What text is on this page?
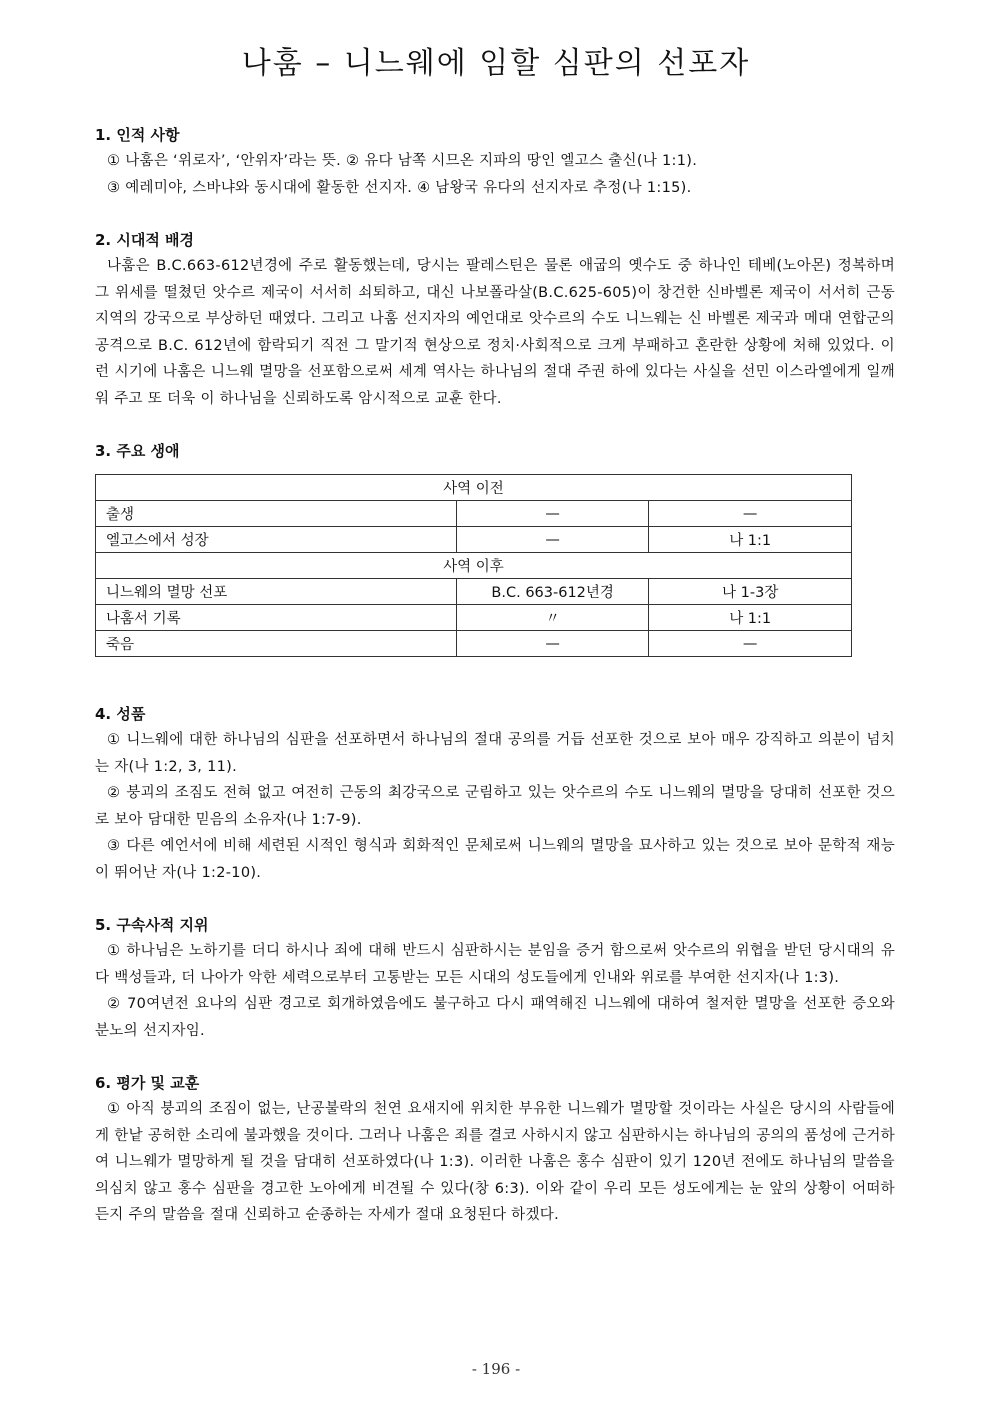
나훔 – 니느웨에 임할 심판의 선포자

1. 인적 사항

① 나훔은 ‘위로자’, ‘안위자’라는 뜻. ② 유다 남쪽 시므온 지파의 땅인 엘고스 출신(나 1:1).

③ 예레미야, 스바냐와 동시대에 활동한 선지자. ④ 남왕국 유다의 선지자로 추정(나 1:15).

2. 시대적 배경

나훔은 B.C.663-612년경에 주로 활동했는데, 당시는 팔레스틴은 물론 애굽의 옛수도 중 하나인 테베(노아몬) 정복하며 그 위세를 떨쳤던 앗수르 제국이 서서히 쇠퇴하고, 대신 나보폴라살(B.C.625-605)이 창건한 신바벨론 제국이 서서히 근동지역의 강국으로 부상하던 때였다. 그리고 나훔 선지자의 예언대로 앗수르의 수도 니느웨는 신 바벨론 제국과 메대 연합군의 공격으로 B.C. 612년에 함락되기 직전 그 말기적 현상으로 정치·사회적으로 크게 부패하고 혼란한 상황에 처해 있었다. 이런 시기에 나훔은 니느웨 멸망을 선포함으로써 세계 역사는 하나님의 절대 주권 하에 있다는 사실을 선민 이스라엘에게 일깨워 주고 또 더욱 이 하나님을 신뢰하도록 암시적으로 교훈 한다.

3. 주요 생애

사역 이전		
출생	—	—
엘고스에서 성장	—	나 1:1
사역 이후		
니느웨의 멸망 선포	B.C. 663-612년경	나 1-3장
나훔서 기록	〃	나 1:1
죽음	—	—

4. 성품

① 니느웨에 대한 하나님의 심판을 선포하면서 하나님의 절대 공의를 거듭 선포한 것으로 보아 매우 강직하고 의분이 넘치는 자(나 1:2, 3, 11).

② 붕괴의 조짐도 전혀 없고 여전히 근동의 최강국으로 군림하고 있는 앗수르의 수도 니느웨의 멸망을 당대히 선포한 것으로 보아 담대한 믿음의 소유자(나 1:7-9).

③ 다른 예언서에 비해 세련된 시적인 형식과 회화적인 문체로써 니느웨의 멸망을 묘사하고 있는 것으로 보아 문학적 재능이 뛰어난 자(나 1:2-10).

5. 구속사적 지위

① 하나님은 노하기를 더디 하시나 죄에 대해 반드시 심판하시는 분임을 증거 함으로써 앗수르의 위협을 받던 당시대의 유다 백성들과, 더 나아가 악한 세력으로부터 고통받는 모든 시대의 성도들에게 인내와 위로를 부여한 선지자(나 1:3).

② 70여년전 요나의 심판 경고로 회개하였음에도 불구하고 다시 패역해진 니느웨에 대하여 철저한 멸망을 선포한 증오와 분노의 선지자임.

6. 평가 및 교훈

① 아직 붕괴의 조짐이 없는, 난공불락의 천연 요새지에 위치한 부유한 니느웨가 멸망할 것이라는 사실은 당시의 사람들에게 한낱 공허한 소리에 불과했을 것이다. 그러나 나훔은 죄를 결코 사하시지 않고 심판하시는 하나님의 공의의 품성에 근거하여 니느웨가 멸망하게 될 것을 담대히 선포하였다(나 1:3). 이러한 나훔은 홍수 심판이 있기 120년 전에도 하나님의 말씀을 의심치 않고 홍수 심판을 경고한 노아에게 비견될 수 있다(창 6:3). 이와 같이 우리 모든 성도에게는 눈 앞의 상황이 어떠하든지 주의 말씀을 절대 신뢰하고 순종하는 자세가 절대 요청된다 하겠다.

- 196 -
